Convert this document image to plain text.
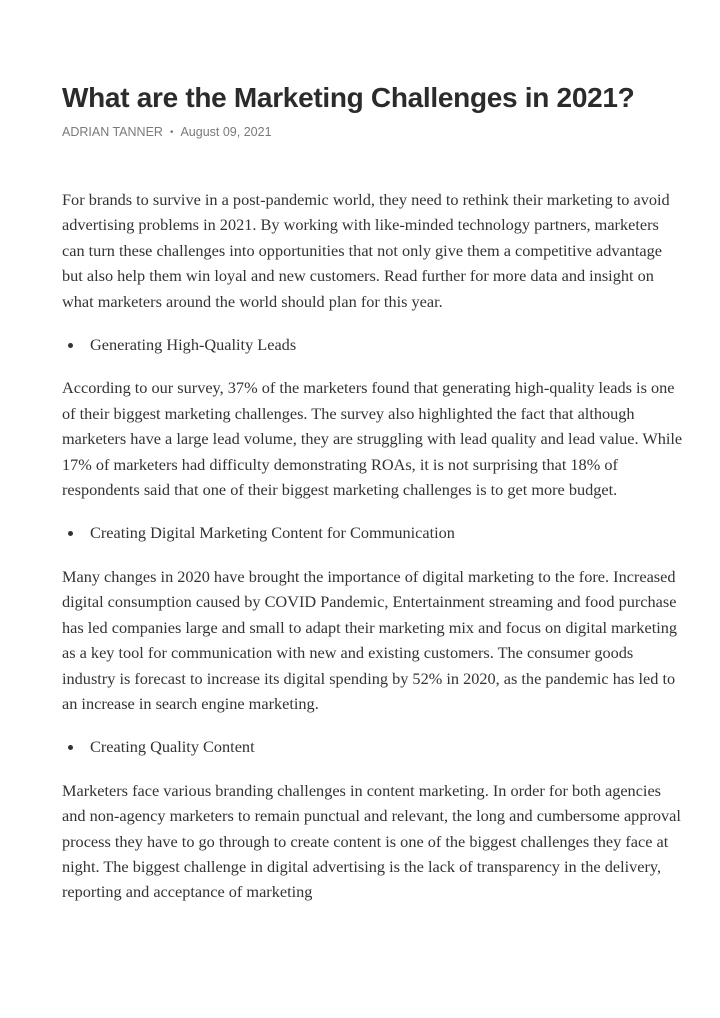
What are the Marketing Challenges in 2021?
ADRIAN TANNER • August 09, 2021

For brands to survive in a post-pandemic world, they need to rethink their marketing to avoid advertising problems in 2021. By working with like-minded technology partners, marketers can turn these challenges into opportunities that not only give them a competitive advantage but also help them win loyal and new customers. Read further for more data and insight on what marketers around the world should plan for this year.

Generating High-Quality Leads

According to our survey, 37% of the marketers found that generating high-quality leads is one of their biggest marketing challenges. The survey also highlighted the fact that although marketers have a large lead volume, they are struggling with lead quality and lead value. While 17% of marketers had difficulty demonstrating ROAs, it is not surprising that 18% of respondents said that one of their biggest marketing challenges is to get more budget.

Creating Digital Marketing Content for Communication

Many changes in 2020 have brought the importance of digital marketing to the fore. Increased digital consumption caused by COVID Pandemic, Entertainment streaming and food purchase has led companies large and small to adapt their marketing mix and focus on digital marketing as a key tool for communication with new and existing customers. The consumer goods industry is forecast to increase its digital spending by 52% in 2020, as the pandemic has led to an increase in search engine marketing.

Creating Quality Content

Marketers face various branding challenges in content marketing. In order for both agencies and non-agency marketers to remain punctual and relevant, the long and cumbersome approval process they have to go through to create content is one of the biggest challenges they face at night. The biggest challenge in digital advertising is the lack of transparency in the delivery, reporting and acceptance of marketing
